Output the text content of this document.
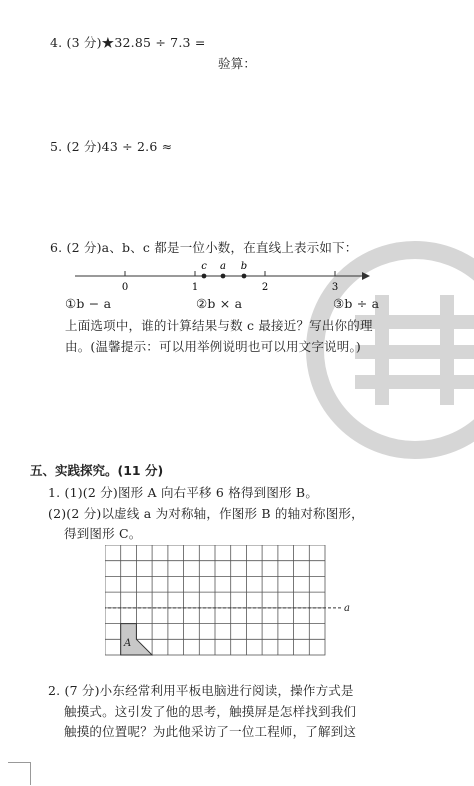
4. (3 分)★32.85 ÷ 7.3 =
验算：
5. (2 分)43 ÷ 2.6 ≈
6. (2 分)a、b、c 都是一位小数，在直线上表示如下：
0	1	2	3
c a b
①b − a	②b × a	③b ÷ a
上面选项中，谁的计算结果与数 c 最接近？写出你的理
由。(温馨提示：可以用举例说明也可以用文字说明。)
五、实践探究。(11 分)
1. (1)(2 分)图形 A 向右平移 6 格得到图形 B。
(2)(2 分)以虚线 a 为对称轴，作图形 B 的轴对称图形，
得到图形 C。
a
A
2. (7 分)小东经常利用平板电脑进行阅读，操作方式是
触摸式。这引发了他的思考，触摸屏是怎样找到我们
触摸的位置呢？为此他采访了一位工程师，了解到这
